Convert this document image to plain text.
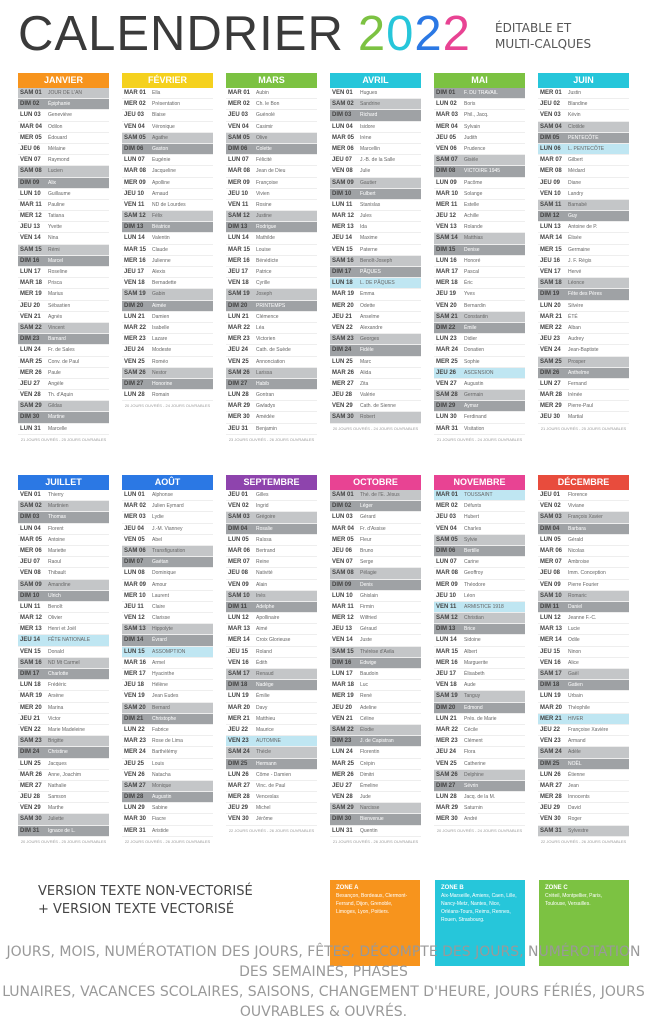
CALENDRIER 2022 ÉDITABLE ET
MULTI-CALQUES
JANVIER
SAM 01 JOUR DE L'AN
DIM 02 Épiphanie
LUN 03 Geneviève
MAR 04 Odilon
MER 05 Édouard
JEU 06 Mélaine
VEN 07 Raymond
SAM 08 Lucien
DIM 09 Alix
LUN 10 Guillaume
MAR 11 Pauline
MER 12 Tatiana
JEU 13 Yvette
VEN 14 Nina
SAM 15 Rémi
DIM 16 Marcel
LUN 17 Roseline
MAR 18 Prisca
MER 19 Marius
JEU 20 Sébastien
VEN 21 Agnès
SAM 22 Vincent
DIM 23 Barnard
LUN 24 Fr. de Sales
MAR 25 Conv. de Paul
MER 26 Paule
JEU 27 Angèle
VEN 28 Th. d'Aquin
SAM 29 Gildas
DIM 30 Martine
LUN 31 Marcelle
21 JOURS OUVRÉS - 25 JOURS OUVRABLES
FÉVRIER
MAR 01 Ella
MER 02 Présentation
JEU 03 Blaise
VEN 04 Véronique
SAM 05 Agathe
DIM 06 Gaston
LUN 07 Eugénie
MAR 08 Jacqueline
MER 09 Apolline
JEU 10 Arnaud
VEN 11 ND de Lourdes
SAM 12 Félix
DIM 13 Béatrice
LUN 14 Valentin
MAR 15 Claude
MER 16 Julienne
JEU 17 Alexis
VEN 18 Bernadette
SAM 19 Gabin
DIM 20 Aimée
LUN 21 Damien
MAR 22 Isabelle
MER 23 Lazare
JEU 24 Modeste
VEN 25 Roméo
SAM 26 Nestor
DIM 27 Honorine
LUN 28 Romain
20 JOURS OUVRÉS - 24 JOURS OUVRABLES
MARS
MAR 01 Aubin
MER 02 Ch. le Bon
JEU 03 Guénolé
VEN 04 Casimir
SAM 05 Olive
DIM 06 Colette
LUN 07 Félicité
MAR 08 Jean de Dieu
MER 09 Françoise
JEU 10 Vivien
VEN 11 Rosine
SAM 12 Justine
DIM 13 Rodrigue
LUN 14 Mathilde
MAR 15 Louise
MER 16 Bénédicte
JEU 17 Patrice
VEN 18 Cyrille
SAM 19 Joseph
DIM 20 PRINTEMPS
LUN 21 Clémence
MAR 22 Léa
MER 23 Victorien
JEU 24 Cath. de Suède
VEN 25 Annonciation
SAM 26 Larissa
DIM 27 Habib
LUN 28 Gontran
MAR 29 Gwladys
MER 30 Amédée
JEU 31 Benjamin
23 JOURS OUVRÉS - 26 JOURS OUVRABLES
AVRIL
VEN 01 Hugues
SAM 02 Sandrine
DIM 03 Richard
LUN 04 Isidore
MAR 05 Irène
MER 06 Marcellin
JEU 07 J.-B. de la Salle
VEN 08 Julie
SAM 09 Gautier
DIM 10 Fulbert
LUN 11 Stanislas
MAR 12 Jules
MER 13 Ida
JEU 14 Maxime
VEN 15 Paterne
SAM 16 Benoît-Joseph
DIM 17 PÂQUES
LUN 18 L. DE PÂQUES
MAR 19 Emma
MER 20 Odette
JEU 21 Anselme
VEN 22 Alexandre
SAM 23 Georges
DIM 24 Fidèle
LUN 25 Marc
MAR 26 Alida
MER 27 Zita
JEU 28 Valérie
VEN 29 Cath. de Sienne
SAM 30 Robert
20 JOURS OUVRÉS - 24 JOURS OUVRABLES
MAI
DIM 01 F. DU TRAVAIL
LUN 02 Boris
MAR 03 Phil., Jacq.
MER 04 Sylvain
JEU 05 Judith
VEN 06 Prudence
SAM 07 Gisèle
DIM 08 VICTOIRE 1945
LUN 09 Pacôme
MAR 10 Solange
MER 11 Estelle
JEU 12 Achille
VEN 13 Rolande
SAM 14 Matthias
DIM 15 Denise
LUN 16 Honoré
MAR 17 Pascal
MER 18 Éric
JEU 19 Yves
VEN 20 Bernardin
SAM 21 Constantin
DIM 22 Émile
LUN 23 Didier
MAR 24 Donatien
MER 25 Sophie
JEU 26 ASCENSION
VEN 27 Augustin
SAM 28 Germain
DIM 29 Aymar
LUN 30 Ferdinand
MAR 31 Visitation
21 JOURS OUVRÉS - 24 JOURS OUVRABLES
JUIN
MER 01 Justin
JEU 02 Blandine
VEN 03 Kévin
SAM 04 Clotilde
DIM 05 PENTECÔTE
LUN 06 L. PENTECÔTE
MAR 07 Gilbert
MER 08 Médard
JEU 09 Diane
VEN 10 Landry
SAM 11 Barnabé
DIM 12 Guy
LUN 13 Antoine de P.
MAR 14 Élisée
MER 15 Germaine
JEU 16 J. F. Régis
VEN 17 Hervé
SAM 18 Léonce
DIM 19 Fête des Pères
LUN 20 Silvère
MAR 21 ÉTÉ
MER 22 Alban
JEU 23 Audrey
VEN 24 Jean-Baptiste
SAM 25 Prosper
DIM 26 Anthelme
LUN 27 Fernand
MAR 28 Irénée
MER 29 Pierre-Paul
JEU 30 Martial
21 JOURS OUVRÉS - 25 JOURS OUVRABLES
JUILLET
VEN 01 Thierry
SAM 02 Martinien
DIM 03 Thomas
LUN 04 Florent
MAR 05 Antoine
MER 06 Mariette
JEU 07 Raoul
VEN 08 Thibault
SAM 09 Amandine
DIM 10 Ulrich
LUN 11 Benoît
MAR 12 Olivier
MER 13 Henri et Joël
JEU 14 FÊTE NATIONALE
VEN 15 Donald
SAM 16 ND Mt Carmel
DIM 17 Charlotte
LUN 18 Frédéric
MAR 19 Arsène
MER 20 Marina
JEU 21 Victor
VEN 22 Marie Madeleine
SAM 23 Brigitte
DIM 24 Christine
LUN 25 Jacques
MAR 26 Anne, Joachim
MER 27 Nathalie
JEU 28 Samson
VEN 29 Marthe
SAM 30 Juliette
DIM 31 Ignace de L.
20 JOURS OUVRÉS - 25 JOURS OUVRABLES
AOÛT
LUN 01 Alphonse
MAR 02 Julien Eymard
MER 03 Lydie
JEU 04 J.-M. Vianney
VEN 05 Abel
SAM 06 Transfiguration
DIM 07 Gaétan
LUN 08 Dominique
MAR 09 Amour
MER 10 Laurent
JEU 11 Claire
VEN 12 Clarisse
SAM 13 Hippolyte
DIM 14 Évrard
LUN 15 ASSOMPTION
MAR 16 Armel
MER 17 Hyacinthe
JEU 18 Hélène
VEN 19 Jean Eudes
SAM 20 Bernard
DIM 21 Christophe
LUN 22 Fabrice
MAR 23 Rose de Lima
MER 24 Barthélémy
JEU 25 Louis
VEN 26 Natacha
SAM 27 Monique
DIM 28 Augustin
LUN 29 Sabine
MAR 30 Fiacre
MER 31 Aristide
22 JOURS OUVRÉS - 26 JOURS OUVRABLES
SEPTEMBRE
JEU 01 Gilles
VEN 02 Ingrid
SAM 03 Grégoire
DIM 04 Rosalie
LUN 05 Raïssa
MAR 06 Bertrand
MER 07 Reine
JEU 08 Nativité
VEN 09 Alain
SAM 10 Inès
DIM 11 Adelphe
LUN 12 Apollinaire
MAR 13 Aimé
MER 14 Croix Glorieuse
JEU 15 Roland
VEN 16 Édith
SAM 17 Renaud
DIM 18 Nadège
LUN 19 Émilie
MAR 20 Davy
MER 21 Matthieu
JEU 22 Maurice
VEN 23 AUTOMNE
SAM 24 Thècle
DIM 25 Hermann
LUN 26 Côme - Damien
MAR 27 Vinc. de Paul
MER 28 Venceslas
JEU 29 Michel
VEN 30 Jérôme
22 JOURS OUVRÉS - 26 JOURS OUVRABLES
OCTOBRE
SAM 01 Thé. de l'E. Jésus
DIM 02 Léger
LUN 03 Gérard
MAR 04 Fr. d'Assise
MER 05 Fleur
JEU 06 Bruno
VEN 07 Serge
SAM 08 Pélagie
DIM 09 Denis
LUN 10 Ghislain
MAR 11 Firmin
MER 12 Wilfried
JEU 13 Géraud
VEN 14 Juste
SAM 15 Thérèse d'Avila
DIM 16 Edwige
LUN 17 Baudoin
MAR 18 Luc
MER 19 René
JEU 20 Adeline
VEN 21 Céline
SAM 22 Élodie
DIM 23 J. de Capistran
LUN 24 Florentin
MAR 25 Crépin
MER 26 Dimitri
JEU 27 Émeline
VEN 28 Jude
SAM 29 Narcisse
DIM 30 Bienvenue
LUN 31 Quentin
21 JOURS OUVRÉS - 26 JOURS OUVRABLES
NOVEMBRE
MAR 01 TOUSSAINT
MER 02 Défunts
JEU 03 Hubert
VEN 04 Charles
SAM 05 Sylvie
DIM 06 Bertille
LUN 07 Carine
MAR 08 Geoffroy
MER 09 Théodore
JEU 10 Léon
VEN 11 ARMISTICE 1918
SAM 12 Christian
DIM 13 Brice
LUN 14 Sidoine
MAR 15 Albert
MER 16 Marguerite
JEU 17 Élisabeth
VEN 18 Aude
SAM 19 Tanguy
DIM 20 Edmond
LUN 21 Prés. de Marie
MAR 22 Cécile
MER 23 Clément
JEU 24 Flora
VEN 25 Catherine
SAM 26 Delphine
DIM 27 Sévrin
LUN 28 Jacq. de la M.
MAR 29 Saturnin
MER 30 André
20 JOURS OUVRÉS - 24 JOURS OUVRABLES
DÉCEMBRE
JEU 01 Florence
VEN 02 Viviane
SAM 03 François Xavier
DIM 04 Barbara
LUN 05 Gérald
MAR 06 Nicolas
MER 07 Ambroise
JEU 08 Imm. Conception
VEN 09 Pierre Fourier
SAM 10 Romaric
DIM 11 Daniel
LUN 12 Jeanne F.-C.
MAR 13 Lucie
MER 14 Odile
JEU 15 Ninon
VEN 16 Alice
SAM 17 Gaël
DIM 18 Gatien
LUN 19 Urbain
MAR 20 Théophile
MER 21 HIVER
JEU 22 Françoise Xavière
VEN 23 Armand
SAM 24 Adèle
DIM 25 NOËL
LUN 26 Étienne
MAR 27 Jean
MER 28 Innocents
JEU 29 David
VEN 30 Roger
SAM 31 Sylvestre
22 JOURS OUVRÉS - 26 JOURS OUVRABLES
VERSION TEXTE NON-VECTORISÉ
+ VERSION TEXTE VECTORISÉ
ZONE A
Besançon, Bordeaux, Clermont-Ferrand, Dijon, Grenoble, Limoges, Lyon, Poitiers.
ZONE B
Aix-Marseille, Amiens, Caen, Lille, Nancy-Metz, Nantes, Nice, Orléans-Tours, Reims, Rennes, Rouen, Strasbourg.
ZONE C
Créteil, Montpellier, Paris, Toulouse, Versailles.
JOURS, MOIS, NUMÉROTATION DES JOURS, FÊTES, DÉCOMPTE DES JOURS, NUMÉROTATION DES SEMAINES, PHASES
LUNAIRES, VACANCES SCOLAIRES, SAISONS, CHANGEMENT D'HEURE, JOURS FÉRIÉS, JOURS OUVRABLES & OUVRÉS.
